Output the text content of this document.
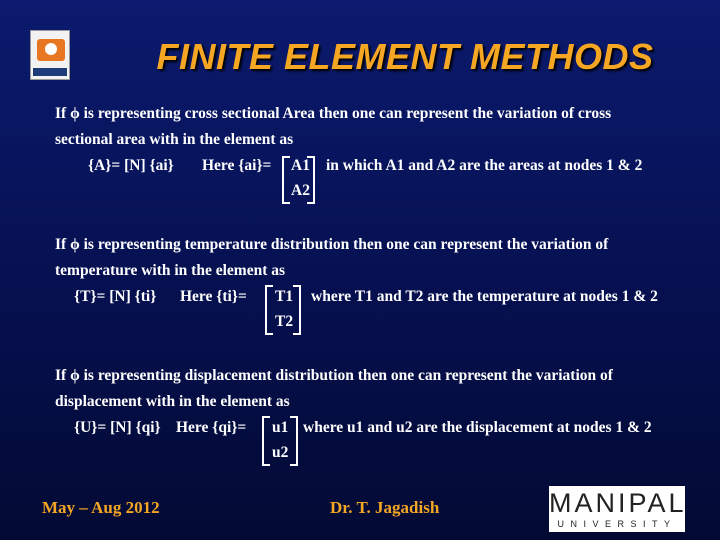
FINITE ELEMENT METHODS
If ϕ is representing cross sectional Area then one can represent the variation of cross
sectional area with in the element as
{A}= [N] {ai} Here {ai}= A1
A2
in which A1 and A2 are the areas at nodes 1 & 2
If ϕ is representing temperature distribution then one can represent the variation of
temperature with in the element as
{T}= [N] {ti} Here {ti}= T1
T2
where T1 and T2 are the temperature at nodes 1 & 2
If ϕ is representing displacement distribution then one can represent the variation of
displacement with in the element as
{U}= [N] {qi} Here {qi}= u1
u2
where u1 and u2 are the displacement at nodes 1 & 2
May – Aug 2012	Dr. T. Jagadish	MANIPAL
UNIVERSITY
